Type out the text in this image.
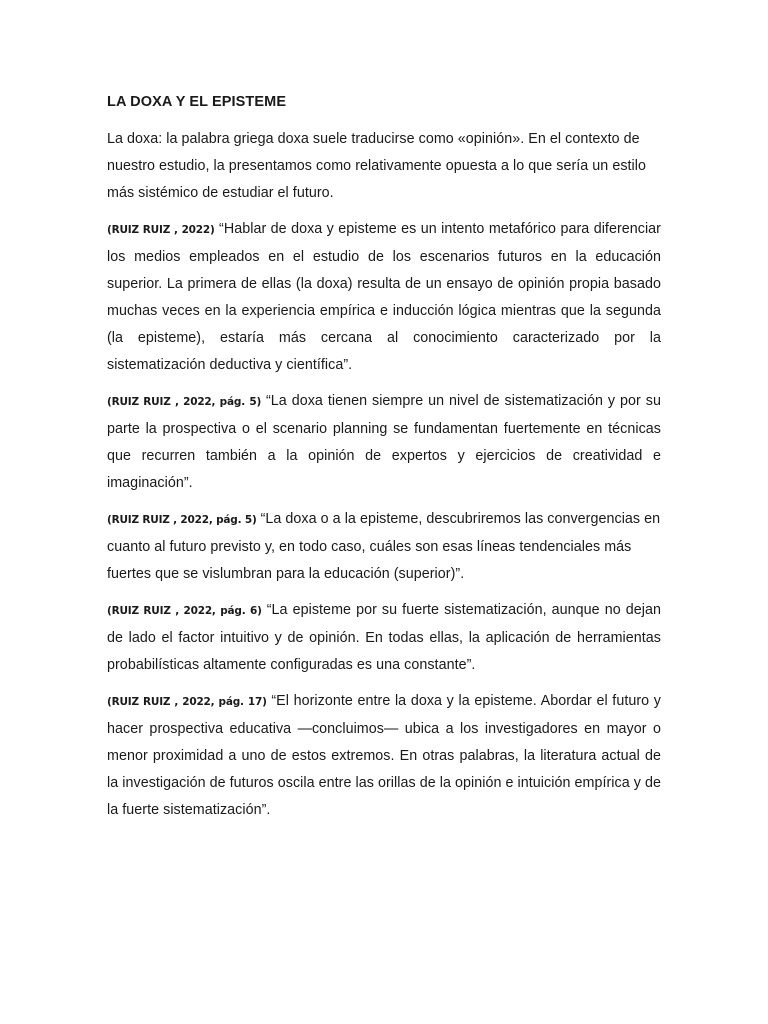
LA DOXA Y EL EPISTEME

La doxa: la palabra griega doxa suele traducirse como «opinión». En el contexto de nuestro estudio, la presentamos como relativamente opuesta a lo que sería un estilo más sistémico de estudiar el futuro.

(RUIZ RUIZ , 2022) “Hablar de doxa y episteme es un intento metafórico para diferenciar los medios empleados en el estudio de los escenarios futuros en la educación superior. La primera de ellas (la doxa) resulta de un ensayo de opinión propia basado muchas veces en la experiencia empírica e inducción lógica mientras que la segunda (la episteme), estaría más cercana al conocimiento caracterizado por la sistematización deductiva y científica”.

(RUIZ RUIZ , 2022, pág. 5) “La doxa tienen siempre un nivel de sistematización y por su parte la prospectiva o el scenario planning se fundamentan fuertemente en técnicas que recurren también a la opinión de expertos y ejercicios de creatividad e imaginación”.

(RUIZ RUIZ , 2022, pág. 5) “La doxa o a la episteme, descubriremos las convergencias en cuanto al futuro previsto y, en todo caso, cuáles son esas líneas tendenciales más fuertes que se vislumbran para la educación (superior)”.

(RUIZ RUIZ , 2022, pág. 6) “La episteme por su fuerte sistematización, aunque no dejan de lado el factor intuitivo y de opinión. En todas ellas, la aplicación de herramientas probabilísticas altamente configuradas es una constante”.

(RUIZ RUIZ , 2022, pág. 17) “El horizonte entre la doxa y la episteme. Abordar el futuro y hacer prospectiva educativa —concluimos— ubica a los investigadores en mayor o menor proximidad a uno de estos extremos. En otras palabras, la literatura actual de la investigación de futuros oscila entre las orillas de la opinión e intuición empírica y de la fuerte sistematización”.
